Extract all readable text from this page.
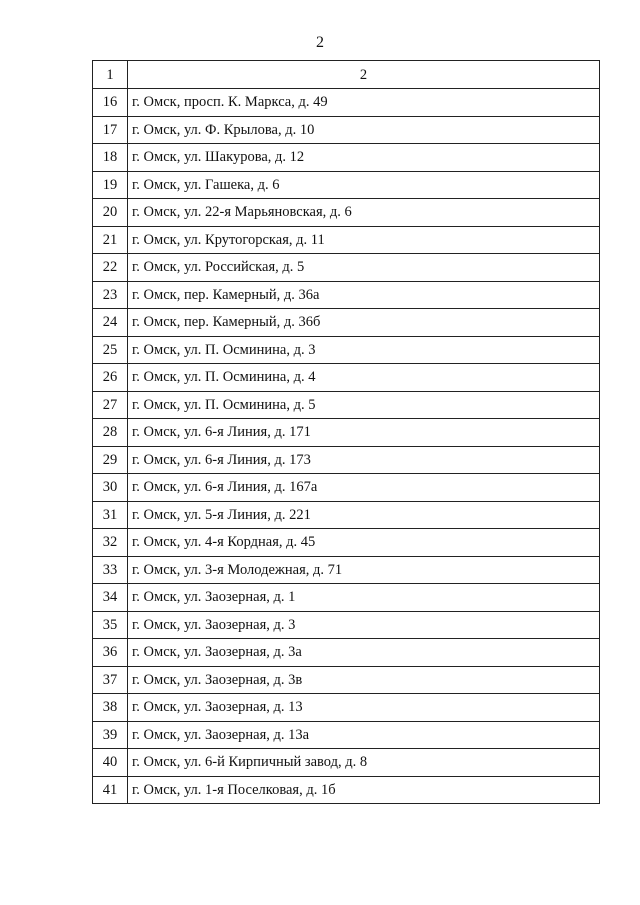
2
1	2
16	г. Омск, просп. К. Маркса, д. 49
17	г. Омск, ул. Ф. Крылова, д. 10
18	г. Омск, ул. Шакурова, д. 12
19	г. Омск, ул. Гашека, д. 6
20	г. Омск, ул. 22-я Марьяновская, д. 6
21	г. Омск, ул. Крутогорская, д. 11
22	г. Омск, ул. Российская, д. 5
23	г. Омск, пер. Камерный, д. 36а
24	г. Омск, пер. Камерный, д. 36б
25	г. Омск, ул. П. Осминина, д. 3
26	г. Омск, ул. П. Осминина, д. 4
27	г. Омск, ул. П. Осминина, д. 5
28	г. Омск, ул. 6-я Линия, д. 171
29	г. Омск, ул. 6-я Линия, д. 173
30	г. Омск, ул. 6-я Линия, д. 167а
31	г. Омск, ул. 5-я Линия, д. 221
32	г. Омск, ул. 4-я Кордная, д. 45
33	г. Омск, ул. 3-я Молодежная, д. 71
34	г. Омск, ул. Заозерная, д. 1
35	г. Омск, ул. Заозерная, д. 3
36	г. Омск, ул. Заозерная, д. 3а
37	г. Омск, ул. Заозерная, д. 3в
38	г. Омск, ул. Заозерная, д. 13
39	г. Омск, ул. Заозерная, д. 13а
40	г. Омск, ул. 6-й Кирпичный завод, д. 8
41	г. Омск, ул. 1-я Поселковая, д. 1б
